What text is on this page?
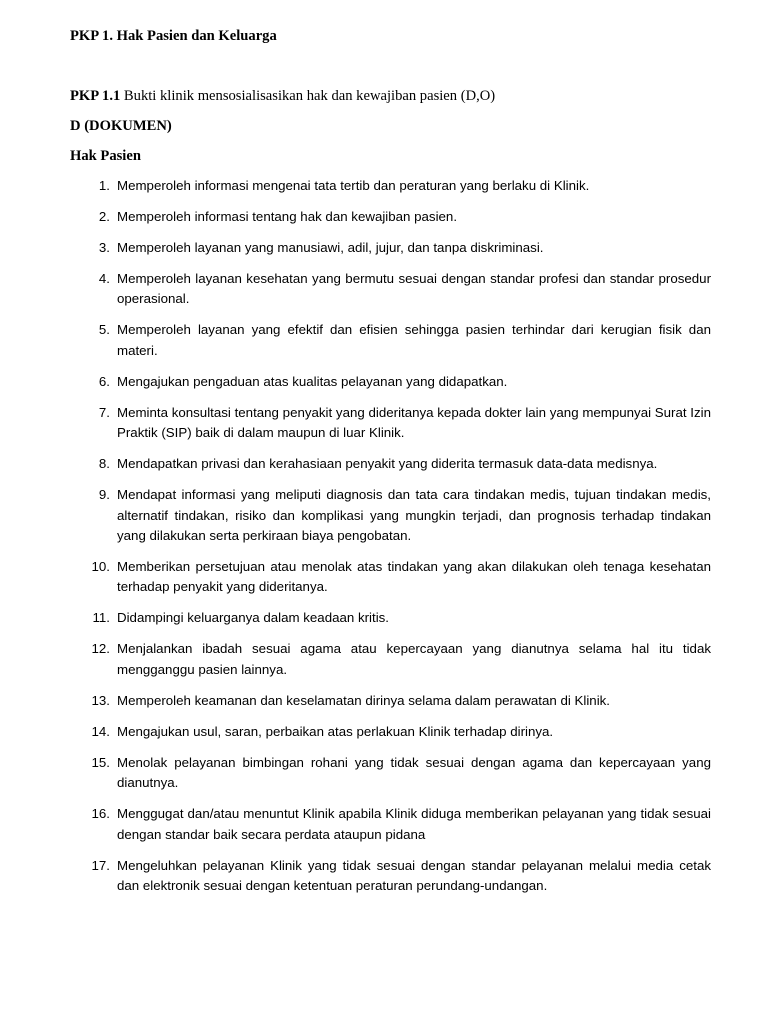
PKP 1. Hak Pasien dan Keluarga
PKP 1.1 Bukti klinik mensosialisasikan hak dan kewajiban pasien (D,O)
D (DOKUMEN)
Hak Pasien
1. Memperoleh informasi mengenai tata tertib dan peraturan yang berlaku di Klinik.
2. Memperoleh informasi tentang hak dan kewajiban pasien.
3. Memperoleh layanan yang manusiawi, adil, jujur, dan tanpa diskriminasi.
4. Memperoleh layanan kesehatan yang bermutu sesuai dengan standar profesi dan standar prosedur operasional.
5. Memperoleh layanan yang efektif dan efisien sehingga pasien terhindar dari kerugian fisik dan materi.
6. Mengajukan pengaduan atas kualitas pelayanan yang didapatkan.
7. Meminta konsultasi tentang penyakit yang dideritanya kepada dokter lain yang mempunyai Surat Izin Praktik (SIP) baik di dalam maupun di luar Klinik.
8. Mendapatkan privasi dan kerahasiaan penyakit yang diderita termasuk data-data medisnya.
9. Mendapat informasi yang meliputi diagnosis dan tata cara tindakan medis, tujuan tindakan medis, alternatif tindakan, risiko dan komplikasi yang mungkin terjadi, dan prognosis terhadap tindakan yang dilakukan serta perkiraan biaya pengobatan.
10. Memberikan persetujuan atau menolak atas tindakan yang akan dilakukan oleh tenaga kesehatan terhadap penyakit yang dideritanya.
11. Didampingi keluarganya dalam keadaan kritis.
12. Menjalankan ibadah sesuai agama atau kepercayaan yang dianutnya selama hal itu tidak mengganggu pasien lainnya.
13. Memperoleh keamanan dan keselamatan dirinya selama dalam perawatan di Klinik.
14. Mengajukan usul, saran, perbaikan atas perlakuan Klinik terhadap dirinya.
15. Menolak pelayanan bimbingan rohani yang tidak sesuai dengan agama dan kepercayaan yang dianutnya.
16. Menggugat dan/atau menuntut Klinik apabila Klinik diduga memberikan pelayanan yang tidak sesuai dengan standar baik secara perdata ataupun pidana
17. Mengeluhkan pelayanan Klinik yang tidak sesuai dengan standar pelayanan melalui media cetak dan elektronik sesuai dengan ketentuan peraturan perundang-undangan.
